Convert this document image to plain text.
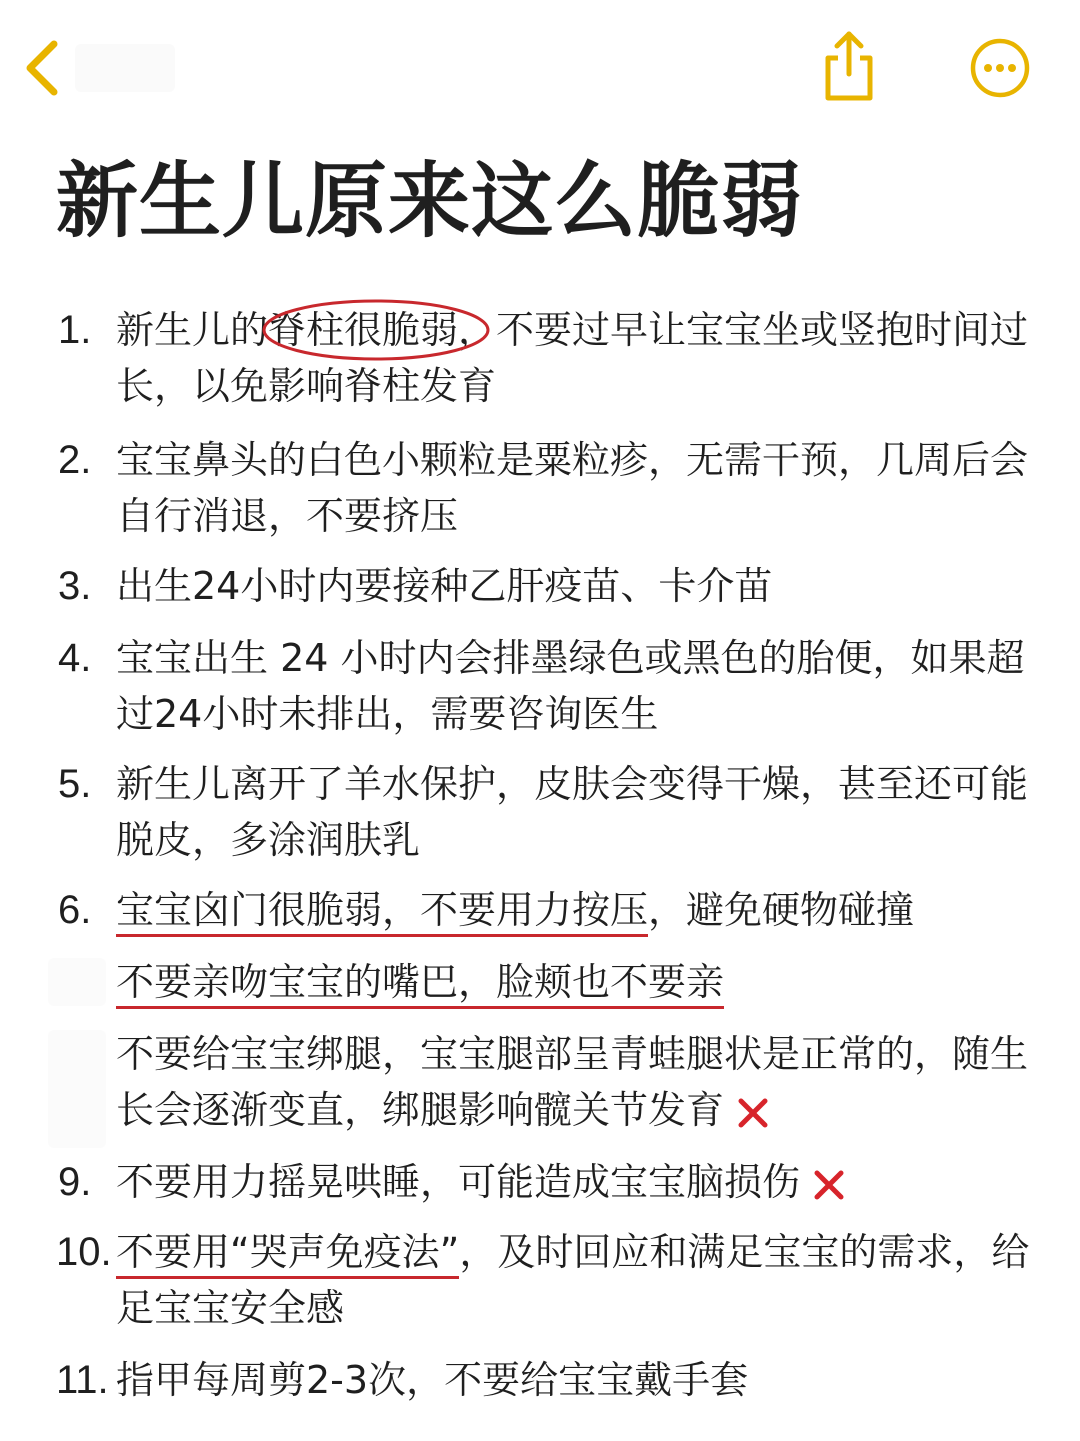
新生儿原来这么脆弱
1. 新生儿的
脊柱很脆弱，不要过早让宝宝坐或竖抱时间过长，以免影响脊柱发育
2. 宝宝鼻头的白色小颗粒是粟粒疹，无需干预，几周后会自行消退，不要挤压
3. 出生24小时内要接种乙肝疫苗、卡介苗
4. 宝宝出生 24 小时内会排墨绿色或黑色的胎便，如果超过24小时未排出，需要咨询医生
5. 新生儿离开了羊水保护，皮肤会变得干燥，甚至还可能脱皮，多涂润肤乳
6. 宝宝囟门很脆弱，不要用力按压，避免硬物碰撞
不要亲吻宝宝的嘴巴，脸颊也不要亲
不要给宝宝绑腿，宝宝腿部呈青蛙腿状是正常的，随生长会逐渐变直，绑腿影响髋关节发育
9. 不要用力摇晃哄睡，可能造成宝宝脑损伤
10. 不要用“哭声免疫法”，及时回应和满足宝宝的需求，给足宝宝安全感
11. 指甲每周剪2-3次，不要给宝宝戴手套
